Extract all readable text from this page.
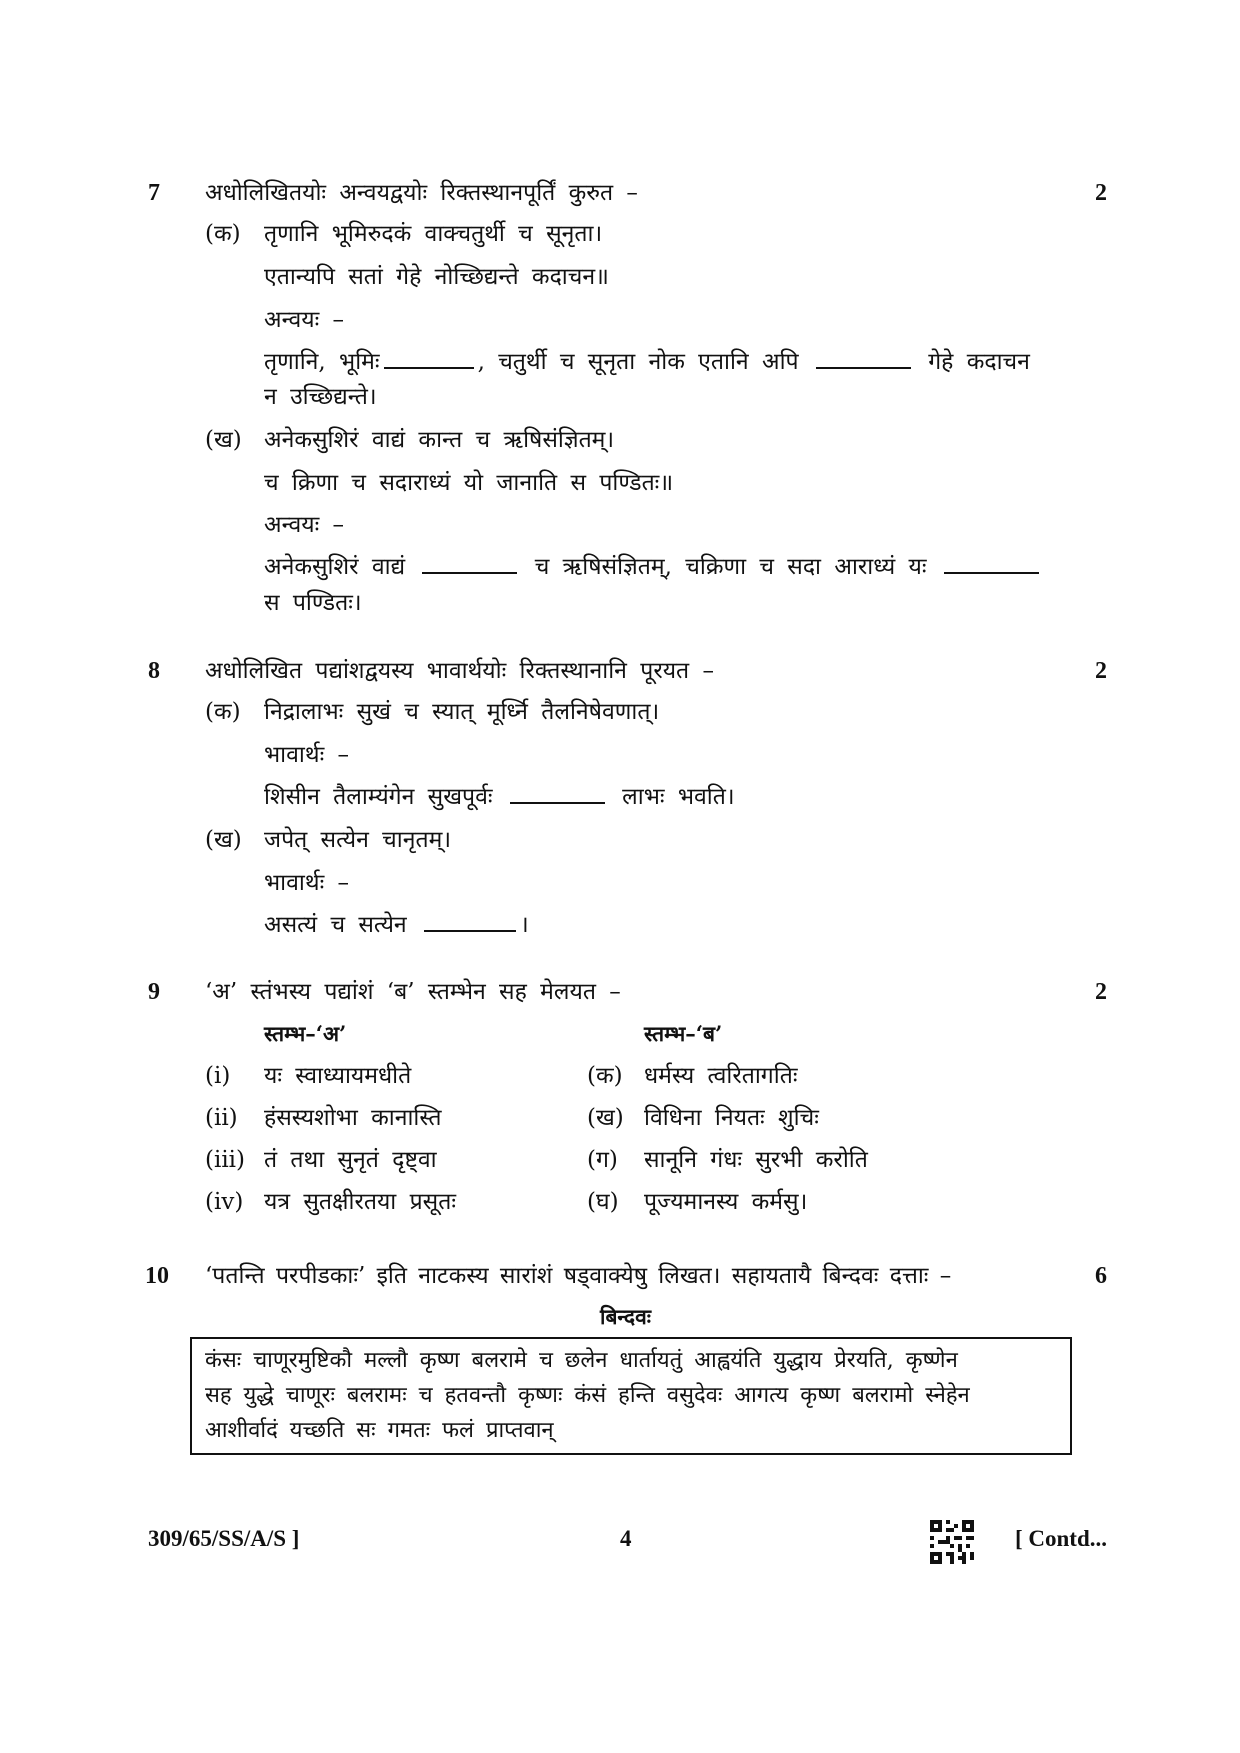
7 अधोलिखितयोः अन्वयद्वयोः रिक्तस्थानपूर्तिं कुरुत –	2
(क) तृणानि भूमिरुदकं वाक्चतुर्थी च सूनृता।
एतान्यपि सतां गेहे नोच्छिद्यन्ते कदाचन॥
अन्वयः –
तृणानि, भूमिः	, चतुर्थी च सूनृता नोक एतानि अपि	गेहे कदाचन
न उच्छिद्यन्ते।
(ख) अनेकसुशिरं वाद्यं कान्त च ऋषिसंज्ञितम्।
च क्रिणा च सदाराध्यं यो जानाति स पण्डितः॥
अन्वयः –
अनेकसुशिरं वाद्यं	च ऋषिसंज्ञितम्, चक्रिणा च सदा आराध्यं यः
स पण्डितः।
8 अधोलिखित पद्यांशद्वयस्य भावार्थयोः रिक्तस्थानानि पूरयत –	2
(क) निद्रालाभः सुखं च स्यात् मूर्ध्नि तैलनिषेवणात्।
भावार्थः –
शिसीन तैलाम्यंगेन सुखपूर्वः	लाभः भवति।
(ख) जपेत् सत्येन चानृतम्।
भावार्थः –
असत्यं च सत्येन	।
9 ‘अ’ स्तंभस्य पद्यांशं ‘ब’ स्तम्भेन सह मेलयत –	2
स्तम्भ–‘अ’	स्तम्भ–‘ब’
(i) यः स्वाध्यायमधीते	(क) धर्मस्य त्वरितागतिः
(ii) हंसस्यशोभा कानास्ति	(ख) विधिना नियतः शुचिः
(iii) तं तथा सुनृतं दृष्ट्वा	(ग) सानूनि गंधः सुरभी करोति
(iv) यत्र सुतक्षीरतया प्रसूतः	(घ) पूज्यमानस्य कर्मसु।
10 ‘पतन्ति परपीडकाः’ इति नाटकस्य सारांशं षड्वाक्येषु लिखत। सहायतायै बिन्दवः दत्ताः –	6
बिन्दवः
कंसः चाणूरमुष्टिकौ मल्लौ कृष्ण बलरामे च छलेन धार्तायतुं आह्वयंति युद्धाय प्रेरयति, कृष्णेन
सह युद्धे चाणूरः बलरामः च हतवन्तौ कृष्णः कंसं हन्ति वसुदेवः आगत्य कृष्ण बलरामो स्नेहेन
आशीर्वादं यच्छति सः गमतः फलं प्राप्तवान्
309/65/SS/A/S ]	4	[ Contd...
